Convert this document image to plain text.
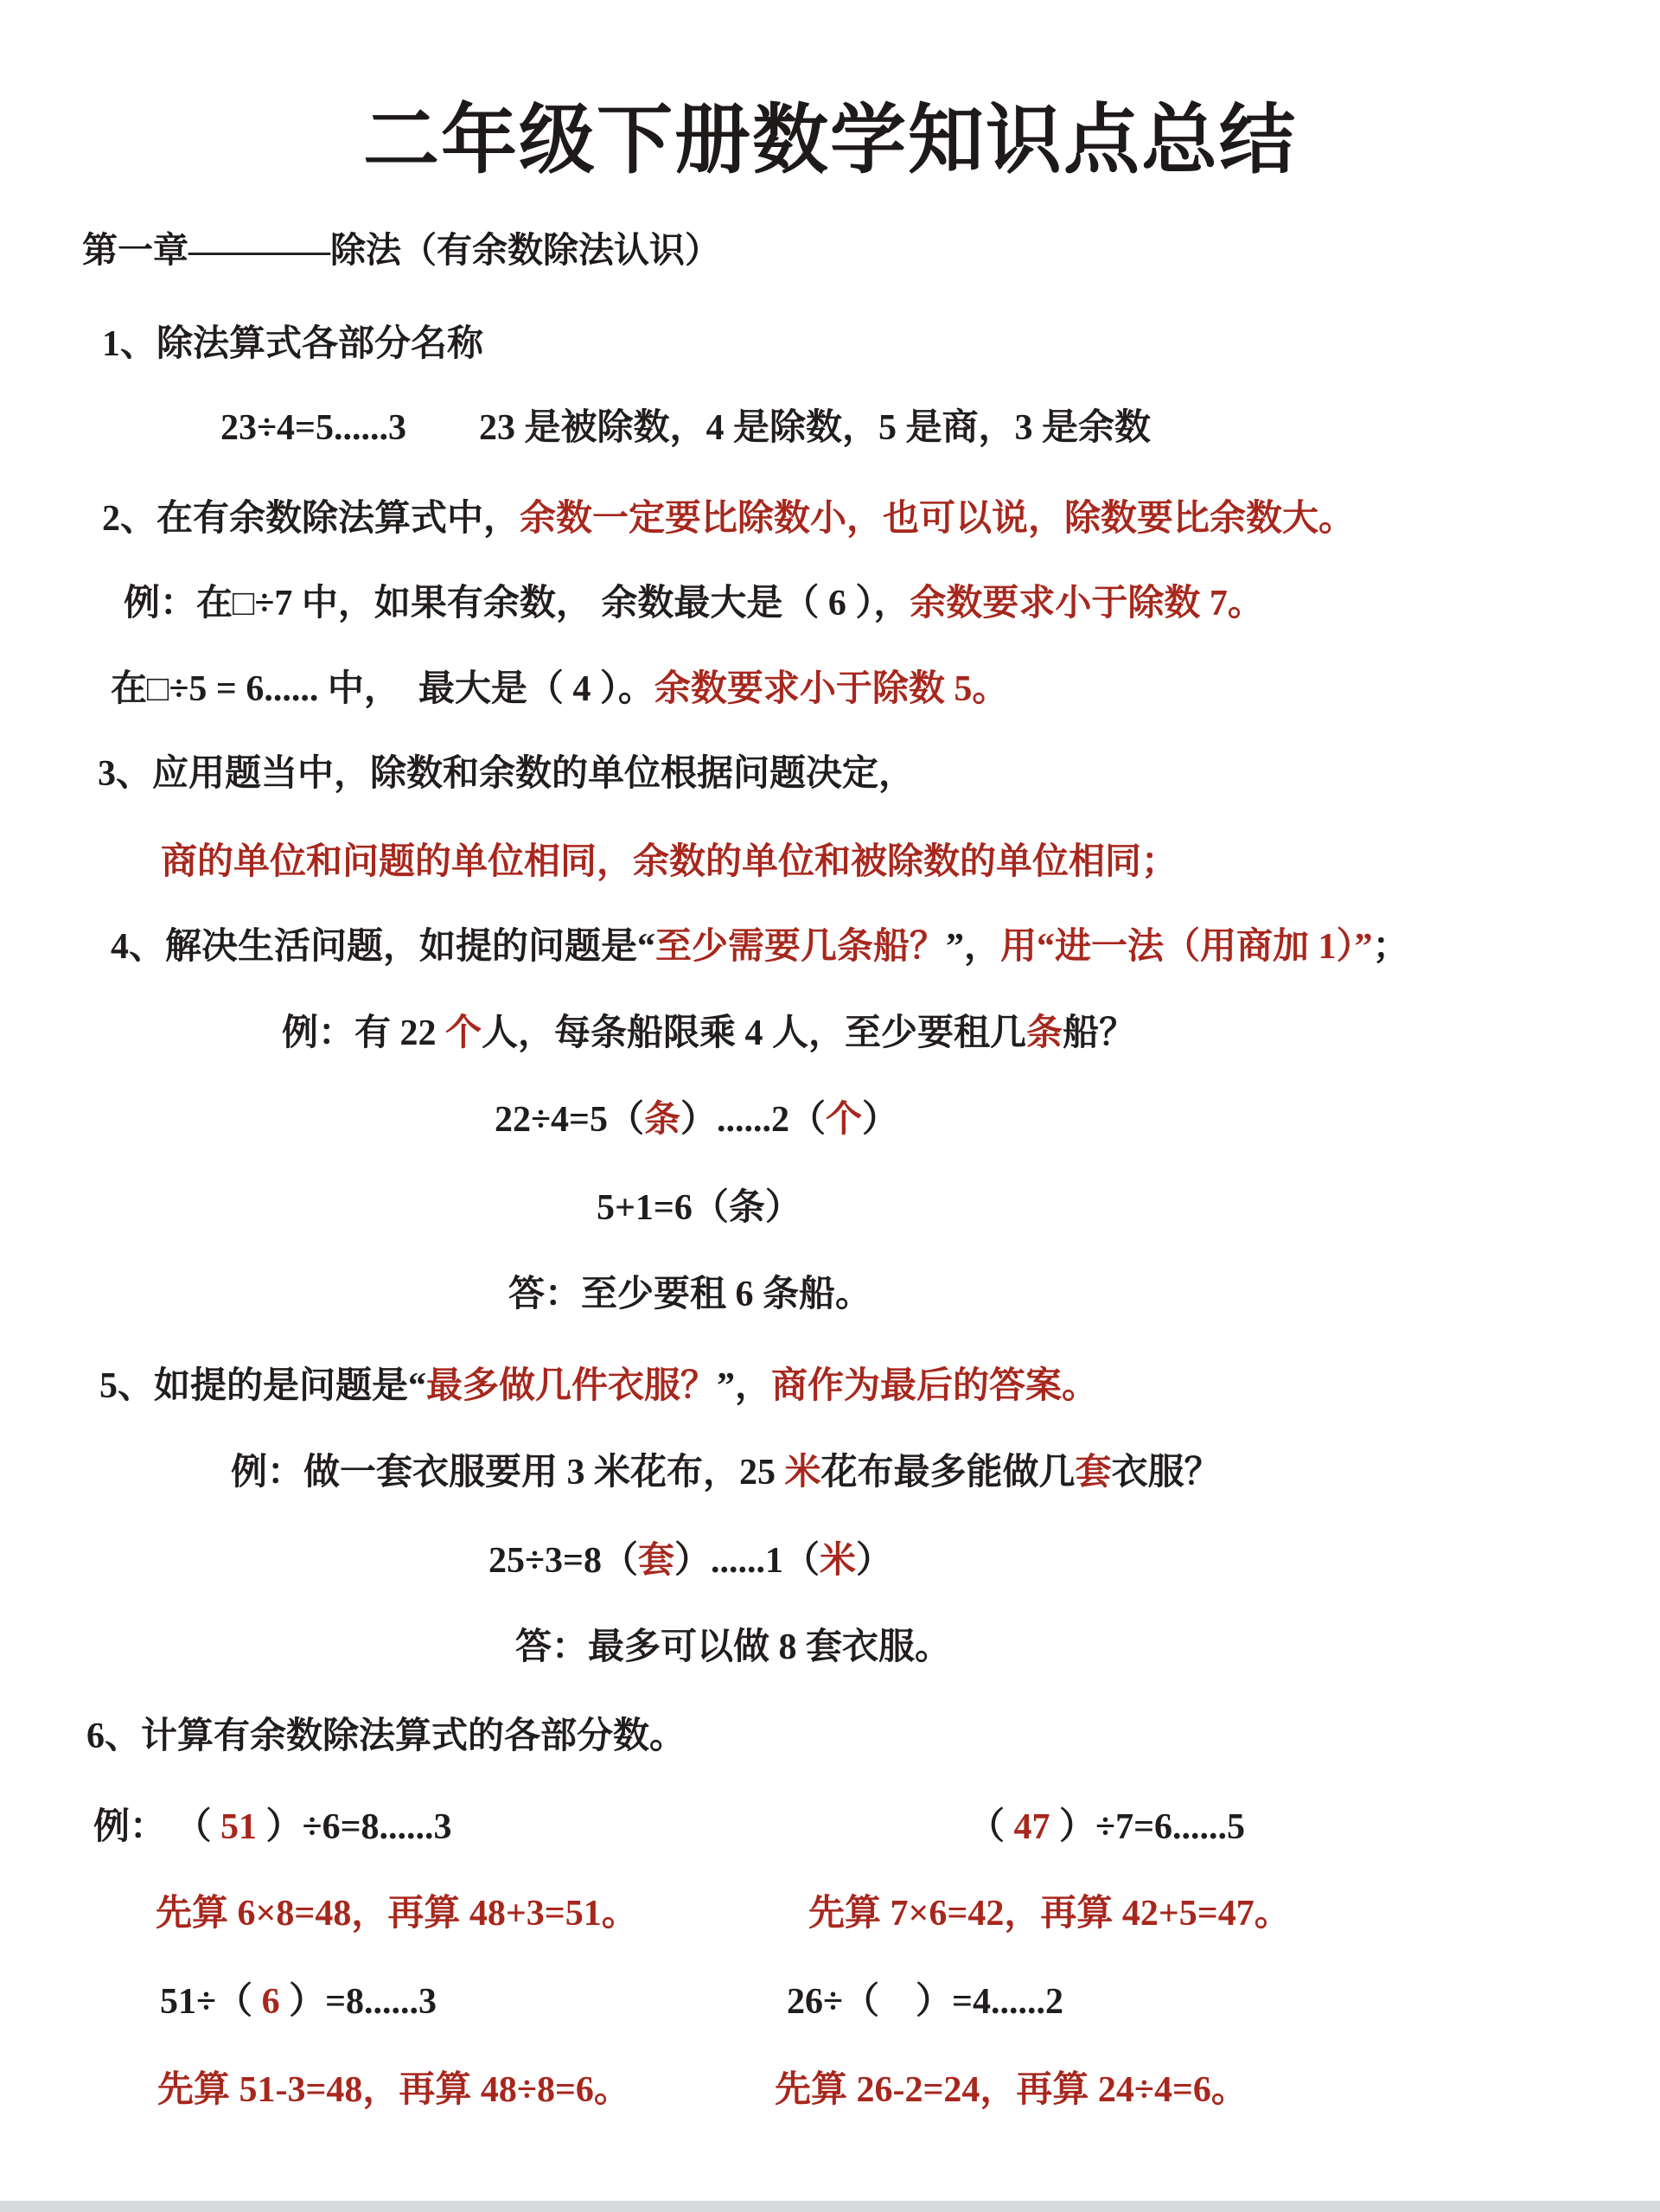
二年级下册数学知识点总结
第一章————除法（有余数除法认识）
1、除法算式各部分名称
23÷4=5......3　　23 是被除数，4 是除数，5 是商，3 是余数
2、在有余数除法算式中，余数一定要比除数小，也可以说，除数要比余数大。
例：在□÷7 中，如果有余数， 余数最大是（ 6 ），余数要求小于除数 7。
在□÷5 = 6...... 中，  最大是（ 4 ）。余数要求小于除数 5。
3、应用题当中，除数和余数的单位根据问题决定，
商的单位和问题的单位相同，余数的单位和被除数的单位相同；
4、解决生活问题，如提的问题是“至少需要几条船？”，用“进一法（用商加 1）”；
例：有 22 个人，每条船限乘 4 人，至少要租几条船？
22÷4=5（条）......2（个）
5+1=6（条）
答：至少要租 6 条船。
5、如提的是问题是“最多做几件衣服？”，商作为最后的答案。
例：做一套衣服要用 3 米花布，25 米花布最多能做几套衣服？
25÷3=8（套）......1（米）
答：最多可以做 8 套衣服。
6、计算有余数除法算式的各部分数。
例： （ 51 ）÷6=8......3	（ 47 ）÷7=6......5
先算 6×8=48，再算 48+3=51。	先算 7×6=42，再算 42+5=47。
51÷（ 6 ）=8......3	26÷（　）=4......2
先算 51-3=48，再算 48÷8=6。	先算 26-2=24，再算 24÷4=6。
